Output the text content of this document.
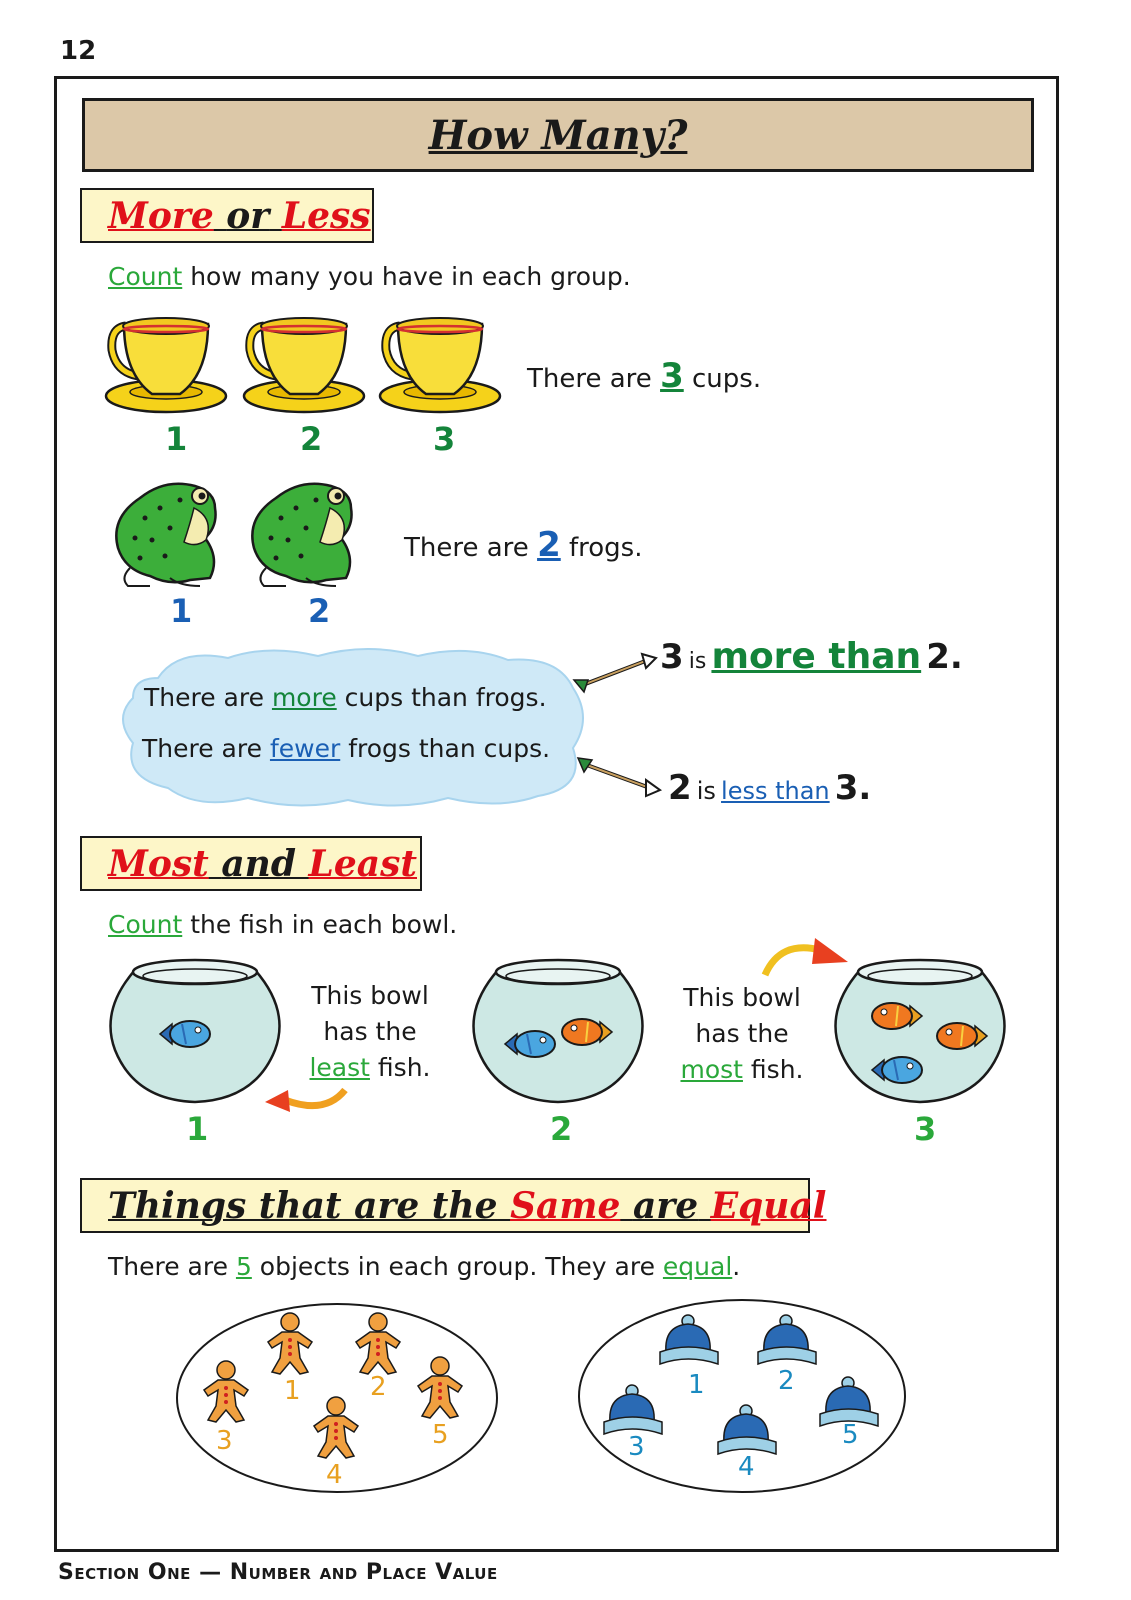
12
How Many?
More or Less
Count how many you have in each group.
There are 3 cups.
1	2	3
There are 2 frogs.
1	2
There are more cups than frogs.
There are fewer frogs than cups.
3 is more than 2.
2 is less than 3.
Most and Least
Count the fish in each bowl.
This bowl
has the
least fish.
This bowl
has the
most fish.
1	2	3
Things that are the Same are Equal
There are 5 objects in each group. They are equal.
1	2
3
4
5
1	2
3
4
5
Section One — Number and Place Value
